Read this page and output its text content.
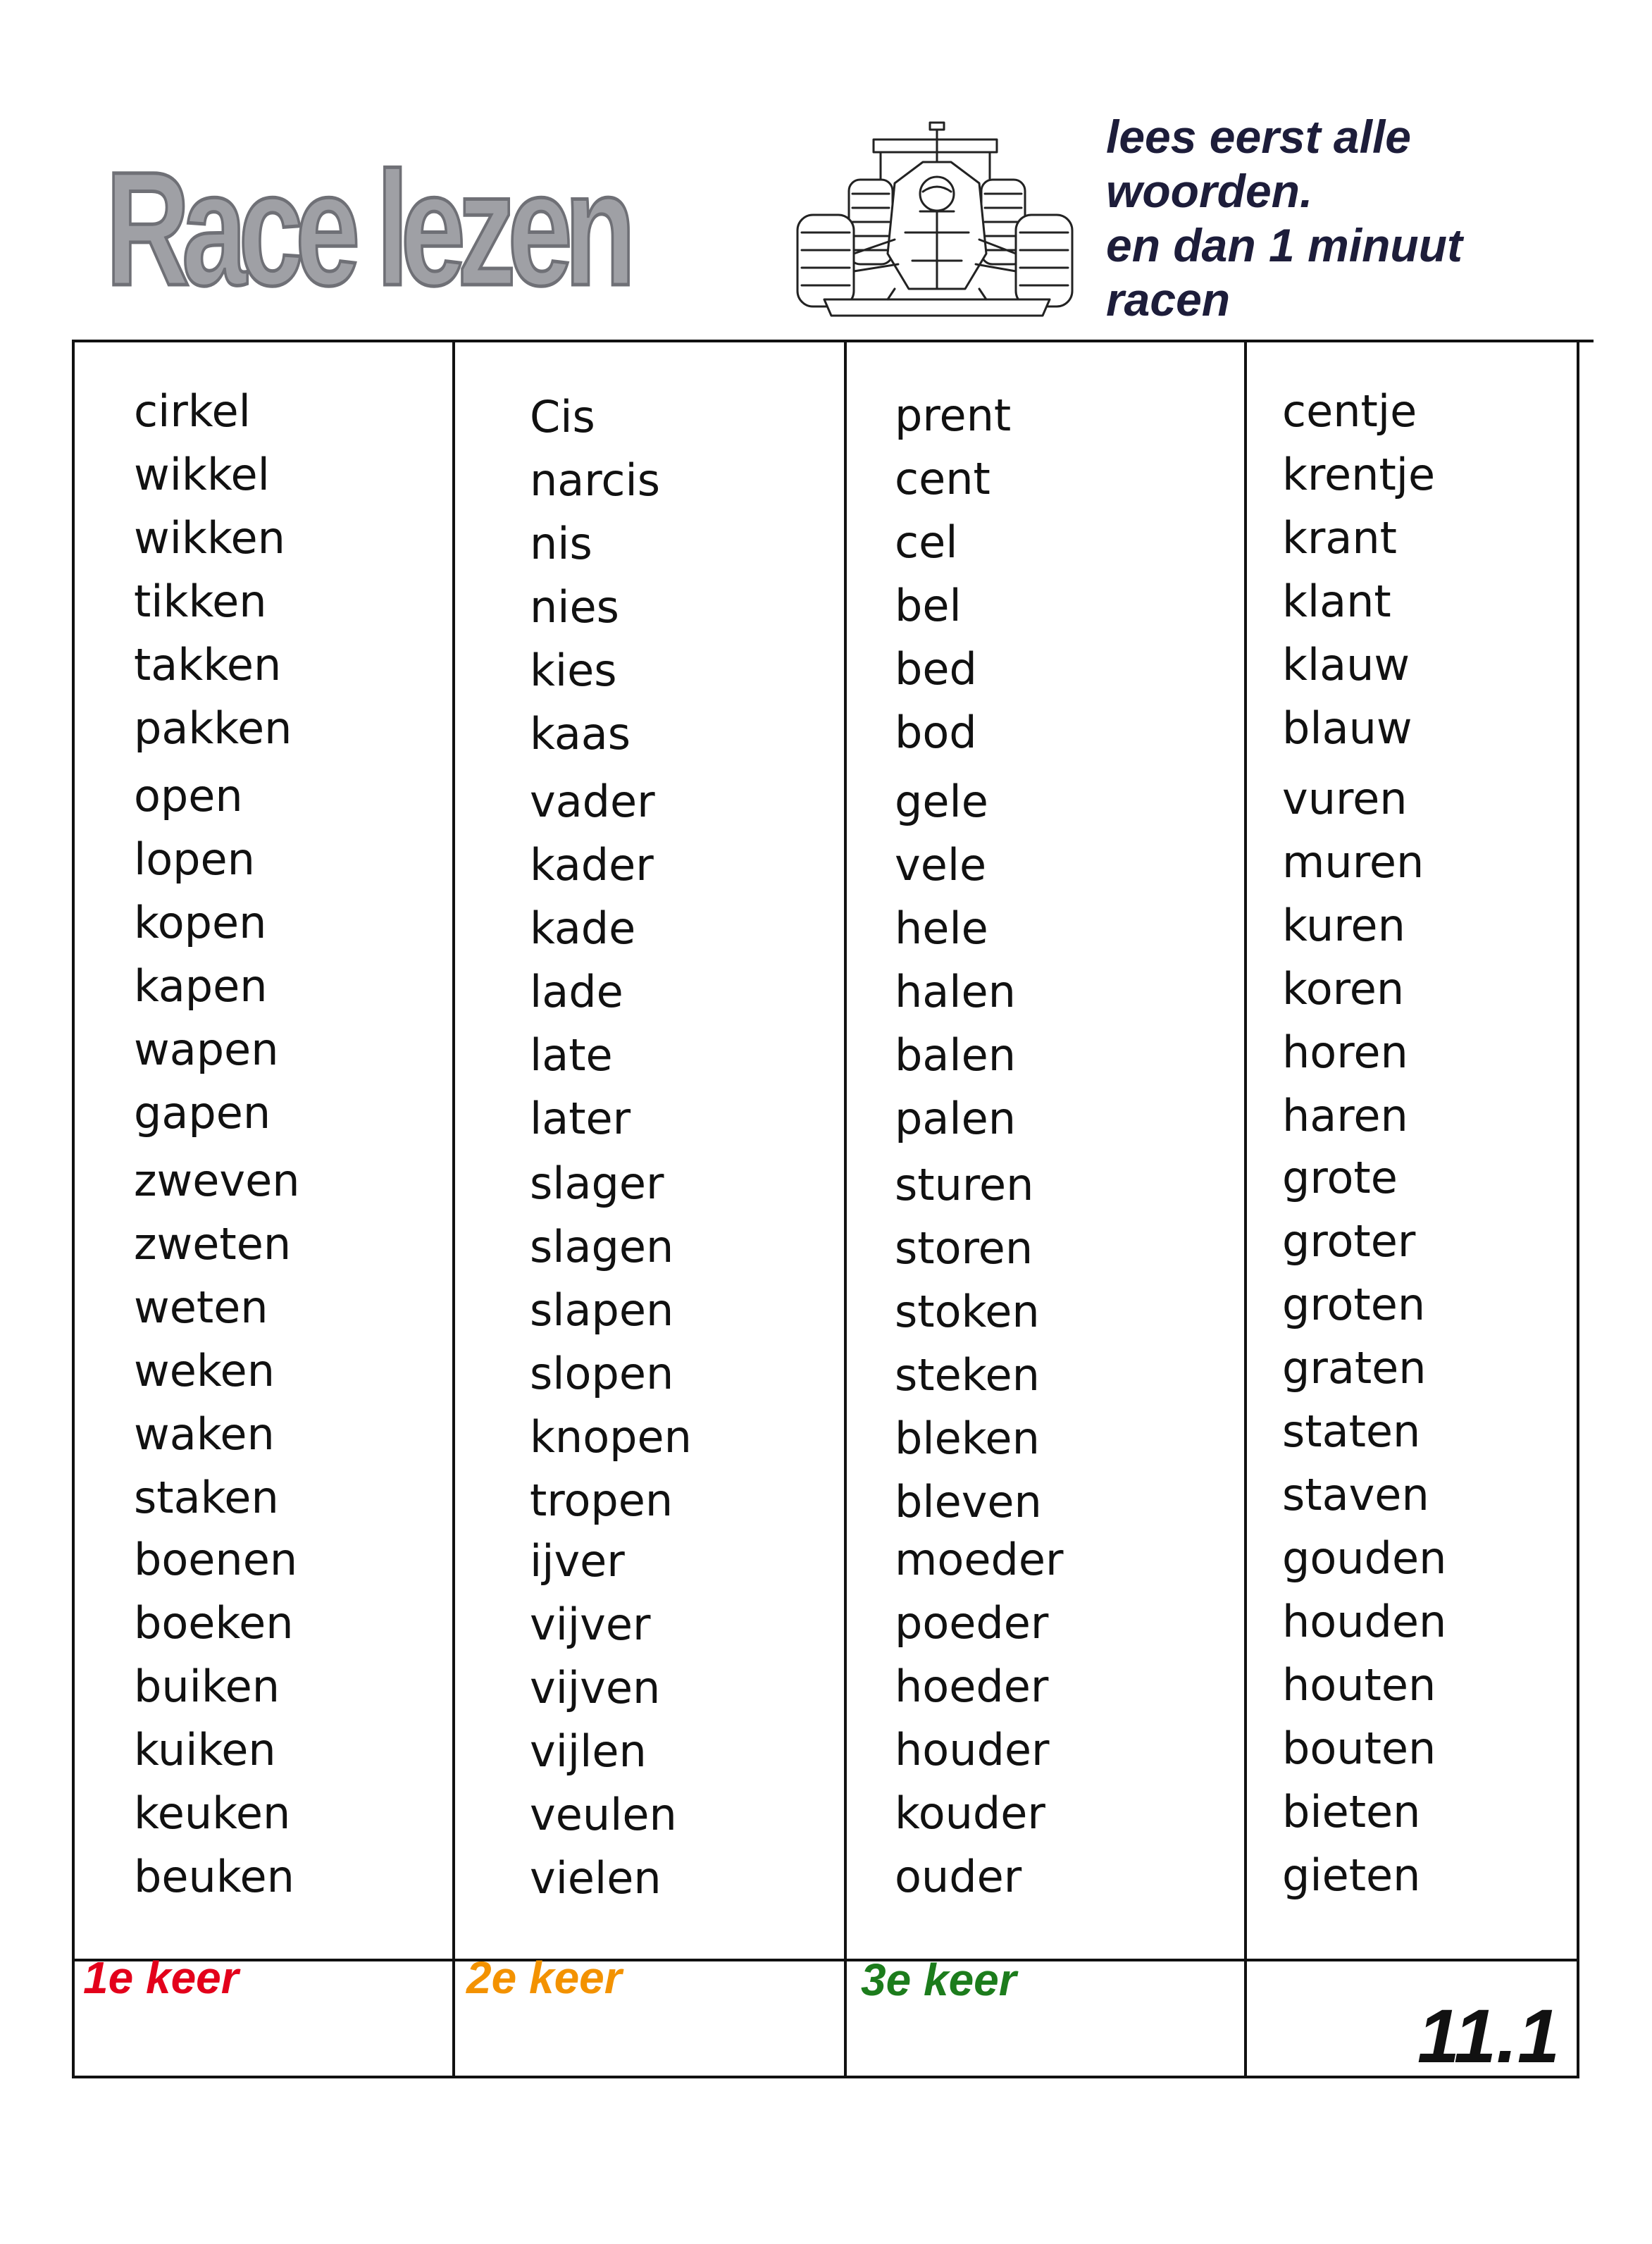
Race lezen
lees eerst alle
woorden.
en dan 1 minuut
racen
cirkel
wikkel
wikken
tikken
takken
pakken
open
lopen
kopen
kapen
wapen
gapen
zweven
zweten
weten
weken
waken
staken
boenen
boeken
buiken
kuiken
keuken
beuken
Cis
narcis
nis
nies
kies
kaas
vader
kader
kade
lade
late
later
slager
slagen
slapen
slopen
knopen
tropen
ijver
vijver
vijven
vijlen
veulen
vielen
prent
cent
cel
bel
bed
bod
gele
vele
hele
halen
balen
palen
sturen
storen
stoken
steken
bleken
bleven
moeder
poeder
hoeder
houder
kouder
ouder
centje
krentje
krant
klant
klauw
blauw
vuren
muren
kuren
koren
horen
haren
grote
groter
groten
graten
staten
staven
gouden
houden
houten
bouten
bieten
gieten
1e keer	2e keer	3e keer
11.1
